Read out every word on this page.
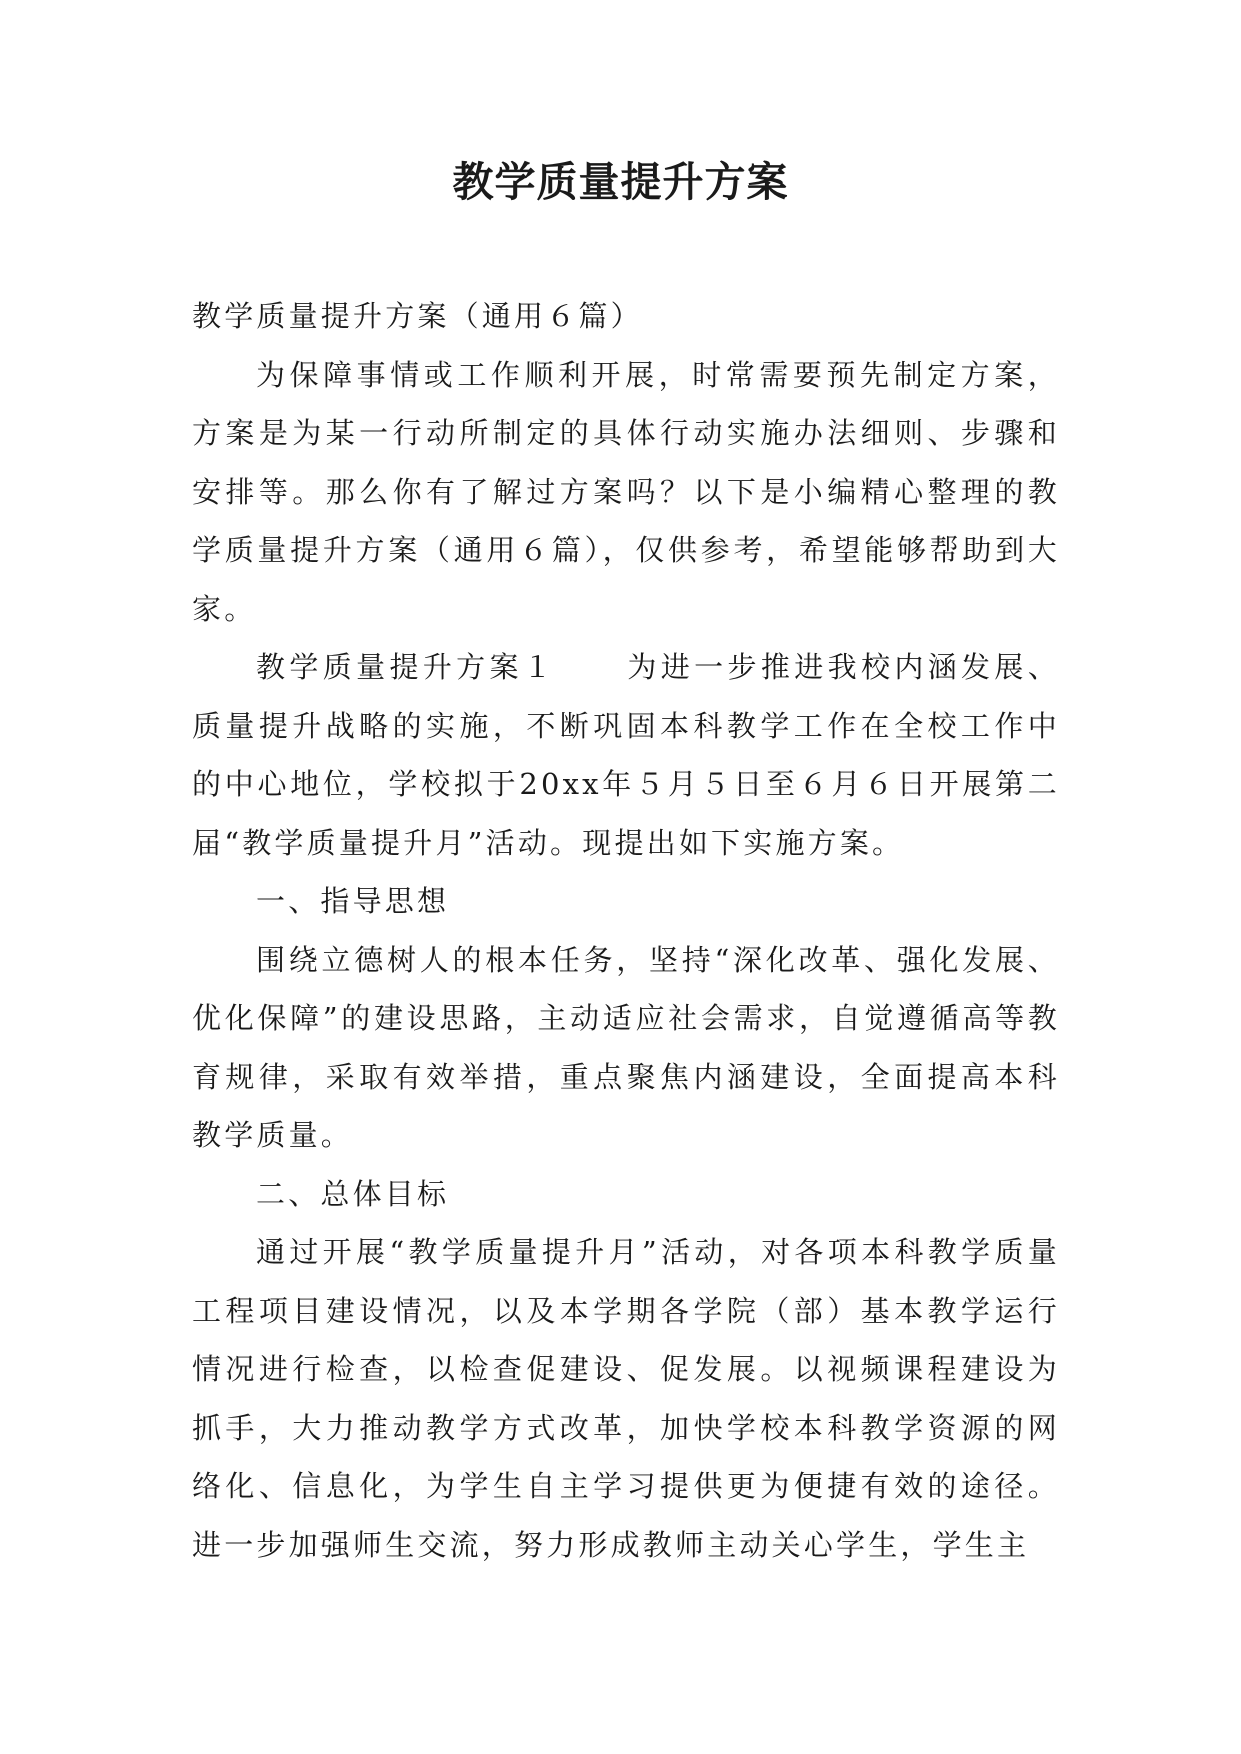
教学质量提升方案

教学质量提升方案（通用６篇）

为保障事情或工作顺利开展，时常需要预先制定方案，方案是为某一行动所制定的具体行动实施办法细则、步骤和安排等。那么你有了解过方案吗？以下是小编精心整理的教学质量提升方案（通用６篇），仅供参考，希望能够帮助到大家。

教学质量提升方案１ 为进一步推进我校内涵发展、质量提升战略的实施，不断巩固本科教学工作在全校工作中的中心地位，学校拟于20xx年５月５日至６月６日开展第二届“教学质量提升月”活动。现提出如下实施方案。

一、指导思想

围绕立德树人的根本任务，坚持“深化改革、强化发展、优化保障”的建设思路，主动适应社会需求，自觉遵循高等教育规律，采取有效举措，重点聚焦内涵建设，全面提高本科教学质量。

二、总体目标

通过开展“教学质量提升月”活动，对各项本科教学质量工程项目建设情况，以及本学期各学院（部）基本教学运行情况进行检查，以检查促建设、促发展。以视频课程建设为抓手，大力推动教学方式改革，加快学校本科教学资源的网络化、信息化，为学生自主学习提供更为便捷有效的途径。进一步加强师生交流，努力形成教师主动关心学生，学生主
